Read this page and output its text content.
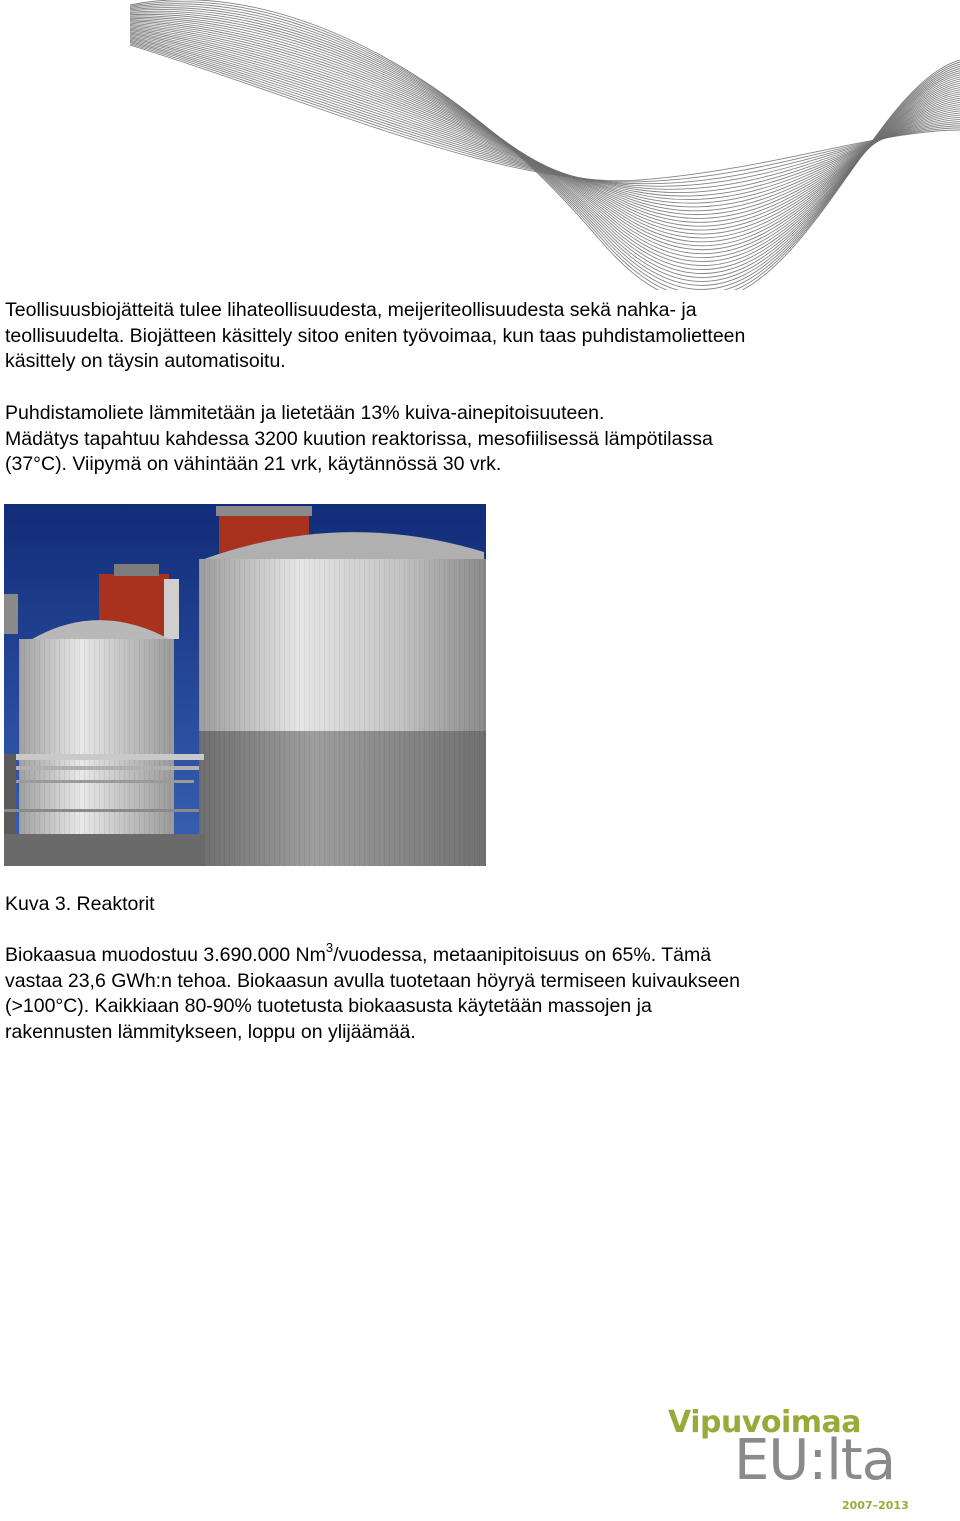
Teollisuusbiojätteitä tulee lihateollisuudesta, meijeriteollisuudesta sekä nahka- ja

teollisuudelta. Biojätteen käsittely sitoo eniten työvoimaa, kun taas puhdistamolietteen

käsittely on täysin automatisoitu.

Puhdistamoliete lämmitetään ja lietetään 13% kuiva-ainepitoisuuteen.

Mädätys tapahtuu kahdessa 3200 kuution reaktorissa, mesofiilisessä lämpötilassa

(37°C). Viipymä on vähintään 21 vrk, käytännössä 30 vrk.

Kuva 3. Reaktorit

Biokaasua muodostuu 3.690.000 Nm$^3$/vuodessa, metaanipitoisuus on 65%. Tämä

vastaa 23,6 GWh:n tehoa. Biokaasun avulla tuotetaan höyryä termiseen kuivaukseen

(>100°C). Kaikkiaan 80-90% tuotetusta biokaasusta käytetään massojen ja

rakennusten lämmitykseen, loppu on ylijäämää.

Vipuvoimaa
EU:lta
2007–2013
